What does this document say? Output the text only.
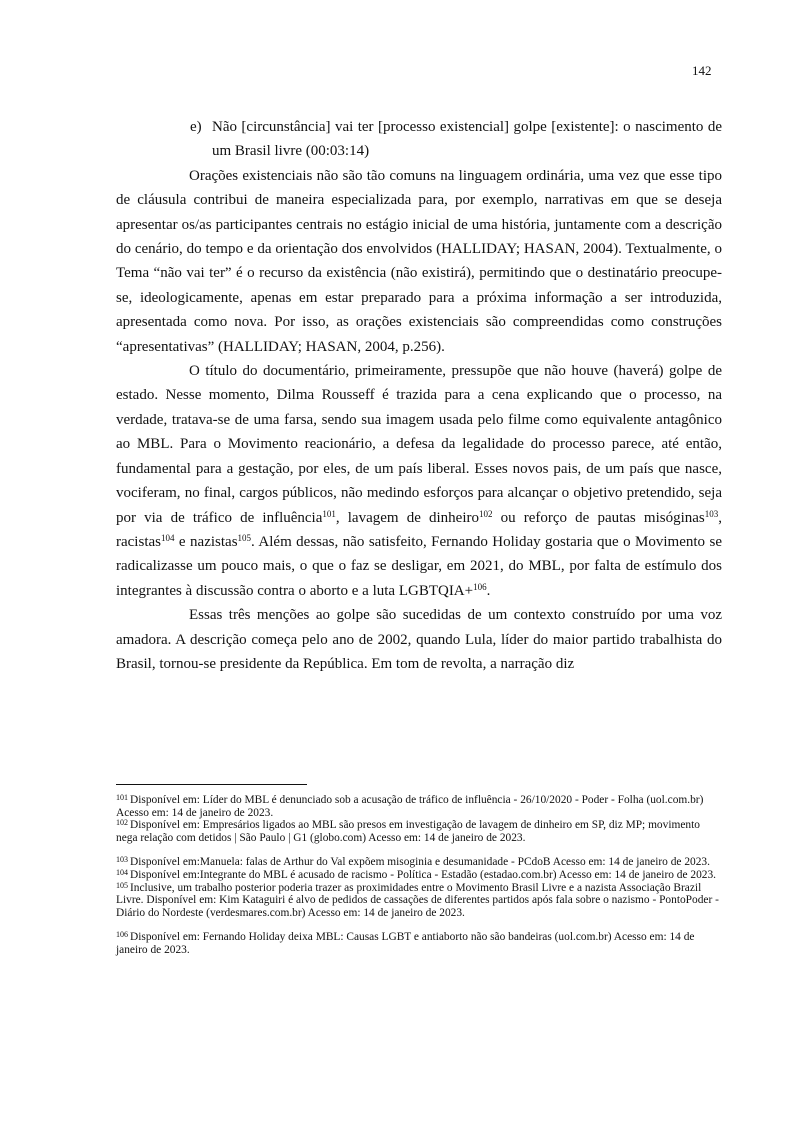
142
e) Não [circunstância] vai ter [processo existencial] golpe [existente]: o nascimento de um Brasil livre (00:03:14)

Orações existenciais não são tão comuns na linguagem ordinária, uma vez que esse tipo de cláusula contribui de maneira especializada para, por exemplo, narrativas em que se deseja apresentar os/as participantes centrais no estágio inicial de uma história, juntamente com a descrição do cenário, do tempo e da orientação dos envolvidos (HALLIDAY; HASAN, 2004). Textualmente, o Tema “não vai ter” é o recurso da existência (não existirá), permitindo que o destinatário preocupe-se, ideologicamente, apenas em estar preparado para a próxima informação a ser introduzida, apresentada como nova. Por isso, as orações existenciais são compreendidas como construções “apresentativas” (HALLIDAY; HASAN, 2004, p.256).

O título do documentário, primeiramente, pressupõe que não houve (haverá) golpe de estado. Nesse momento, Dilma Rousseff é trazida para a cena explicando que o processo, na verdade, tratava-se de uma farsa, sendo sua imagem usada pelo filme como equivalente antagônico ao MBL. Para o Movimento reacionário, a defesa da legalidade do processo parece, até então, fundamental para a gestação, por eles, de um país liberal. Esses novos pais, de um país que nasce, vociferam, no final, cargos públicos, não medindo esforços para alcançar o objetivo pretendido, seja por via de tráfico de influência$^{101}$, lavagem de dinheiro$^{102}$ ou reforço de pautas misóginas$^{103}$, racistas$^{104}$ e nazistas$^{105}$. Além dessas, não satisfeito, Fernando Holiday gostaria que o Movimento se radicalizasse um pouco mais, o que o faz se desligar, em 2021, do MBL, por falta de estímulo dos integrantes à discussão contra o aborto e a luta LGBTQIA+$^{106}$.

Essas três menções ao golpe são sucedidas de um contexto construído por uma voz amadora. A descrição começa pelo ano de 2002, quando Lula, líder do maior partido trabalhista do Brasil, tornou-se presidente da República. Em tom de revolta, a narração diz

$^{101}$ Disponível em: Líder do MBL é denunciado sob a acusação de tráfico de influência - 26/10/2020 - Poder - Folha (uol.com.br) Acesso em: 14 de janeiro de 2023.

$^{102}$ Disponível em: Empresários ligados ao MBL são presos em investigação de lavagem de dinheiro em SP, diz MP; movimento nega relação com detidos | São Paulo | G1 (globo.com) Acesso em: 14 de janeiro de 2023.

$^{103}$ Disponível em:Manuela: falas de Arthur do Val expõem misoginia e desumanidade - PCdoB Acesso em: 14 de janeiro de 2023.

$^{104}$ Disponível em:Integrante do MBL é acusado de racismo - Política - Estadão (estadao.com.br) Acesso em: 14 de janeiro de 2023.

$^{105}$ Inclusive, um trabalho posterior poderia trazer as proximidades entre o Movimento Brasil Livre e a nazista Associação Brazil Livre. Disponível em: Kim Kataguiri é alvo de pedidos de cassações de diferentes partidos após fala sobre o nazismo - PontoPoder - Diário do Nordeste (verdesmares.com.br) Acesso em: 14 de janeiro de 2023.

$^{106}$ Disponível em: Fernando Holiday deixa MBL: Causas LGBT e antiaborto não são bandeiras (uol.com.br) Acesso em: 14 de janeiro de 2023.
